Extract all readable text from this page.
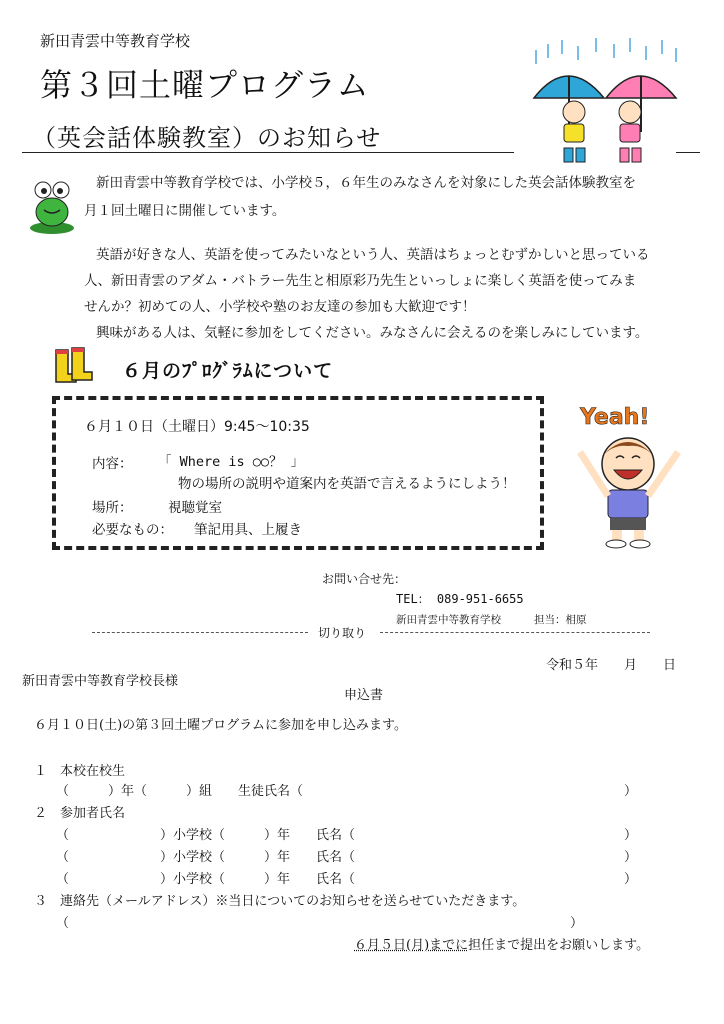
新田青雲中等教育学校
第３回土曜プログラム
（英会話体験教室）のお知らせ
新田青雲中等教育学校では、小学校５，６年生のみなさんを対象にした英会話体験教室を
月１回土曜日に開催しています。
英語が好きな人、英語を使ってみたいなという人、英語はちょっとむずかしいと思っている
人、新田青雲のアダム・バトラー先生と相原彩乃先生といっしょに楽しく英語を使ってみま
せんか？初めての人、小学校や塾のお友達の参加も大歓迎です！
興味がある人は、気軽に参加をしてください。みなさんに会えるのを楽しみにしています。
６月のﾌﾟﾛｸﾞﾗﾑについて
６月１０日（土曜日）9:45～10:35
内容： 「 Where is ○○？ 」
物の場所の説明や道案内を英語で言えるようにしよう！
場所：	視聴覚室
必要なもの： 筆記用具、上履き
Yeah!
お問い合せ先：
TEL： 089-951-6655
新田青雲中等教育学校	担当：相原
切り取り
令和５年　　月　　日
新田青雲中等教育学校長様
申込書
６月１０日(土)の第３回土曜プログラムに参加を申し込みます。
１　本校在校生
（　　　）年（　　　）組　　生徒氏名（	）
２　参加者氏名
（　　　　　　　）小学校（　　　）年　　氏名（	）
（　　　　　　　）小学校（　　　）年　　氏名（	）
（　　　　　　　）小学校（　　　）年　　氏名（	）
３　連絡先（メールアドレス）※当日についてのお知らせを送らせていただきます。
（	）
６月５日(月)までに担任まで提出をお願いします。
